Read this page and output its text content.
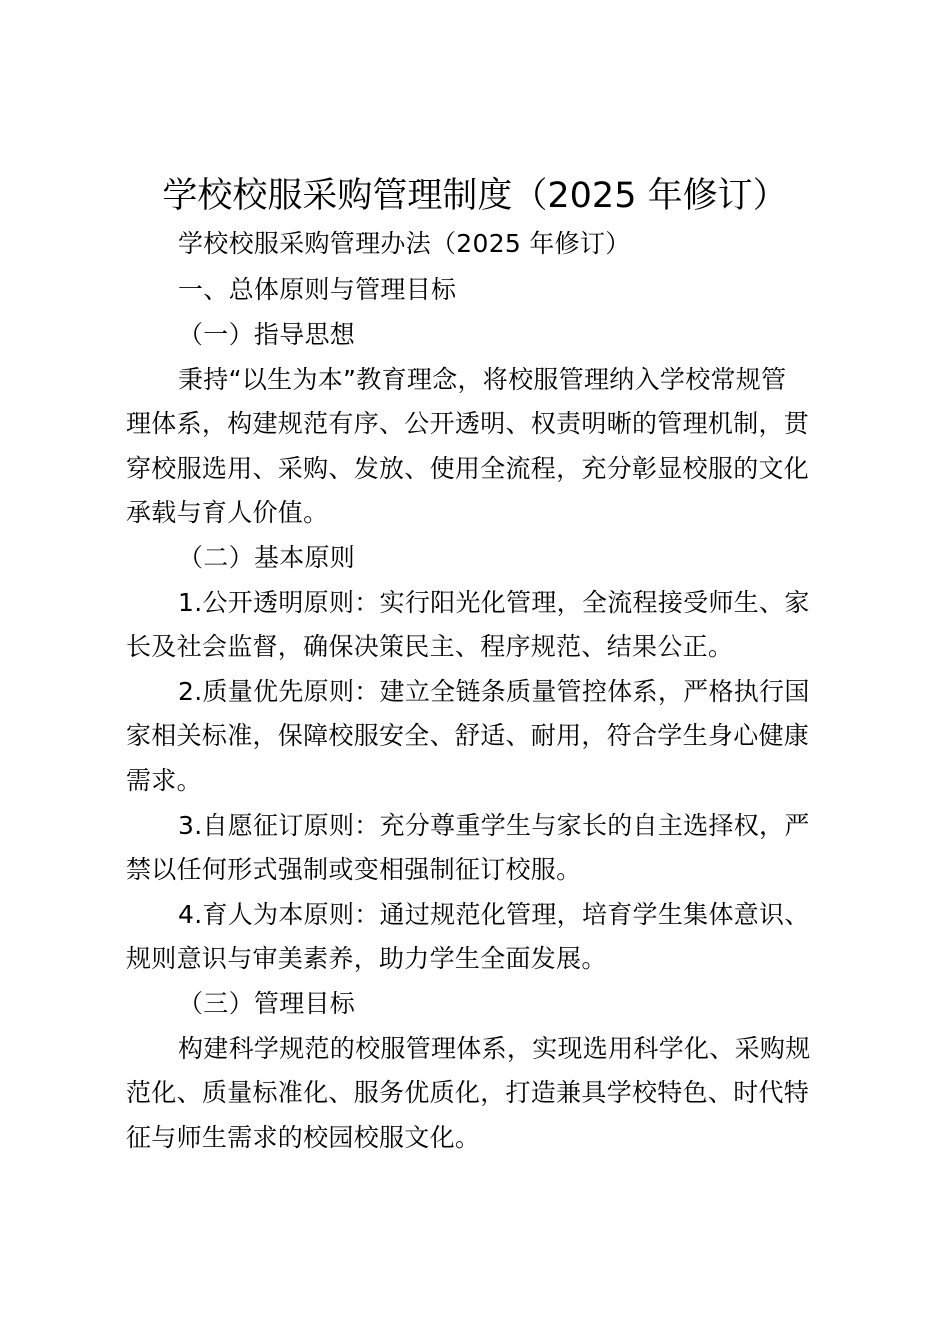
学校校服采购管理制度（2025 年修订）
学校校服采购管理办法（2025 年修订）
一、总体原则与管理目标
（一）指导思想
秉持“以生为本”教育理念，将校服管理纳入学校常规管
理体系，构建规范有序、公开透明、权责明晰的管理机制，贯
穿校服选用、采购、发放、使用全流程，充分彰显校服的文化
承载与育人价值。
（二）基本原则
1.公开透明原则：实行阳光化管理，全流程接受师生、家
长及社会监督，确保决策民主、程序规范、结果公正。
2.质量优先原则：建立全链条质量管控体系，严格执行国
家相关标准，保障校服安全、舒适、耐用，符合学生身心健康
需求。
3.自愿征订原则：充分尊重学生与家长的自主选择权，严
禁以任何形式强制或变相强制征订校服。
4.育人为本原则：通过规范化管理，培育学生集体意识、
规则意识与审美素养，助力学生全面发展。
（三）管理目标
构建科学规范的校服管理体系，实现选用科学化、采购规
范化、质量标准化、服务优质化，打造兼具学校特色、时代特
征与师生需求的校园校服文化。
